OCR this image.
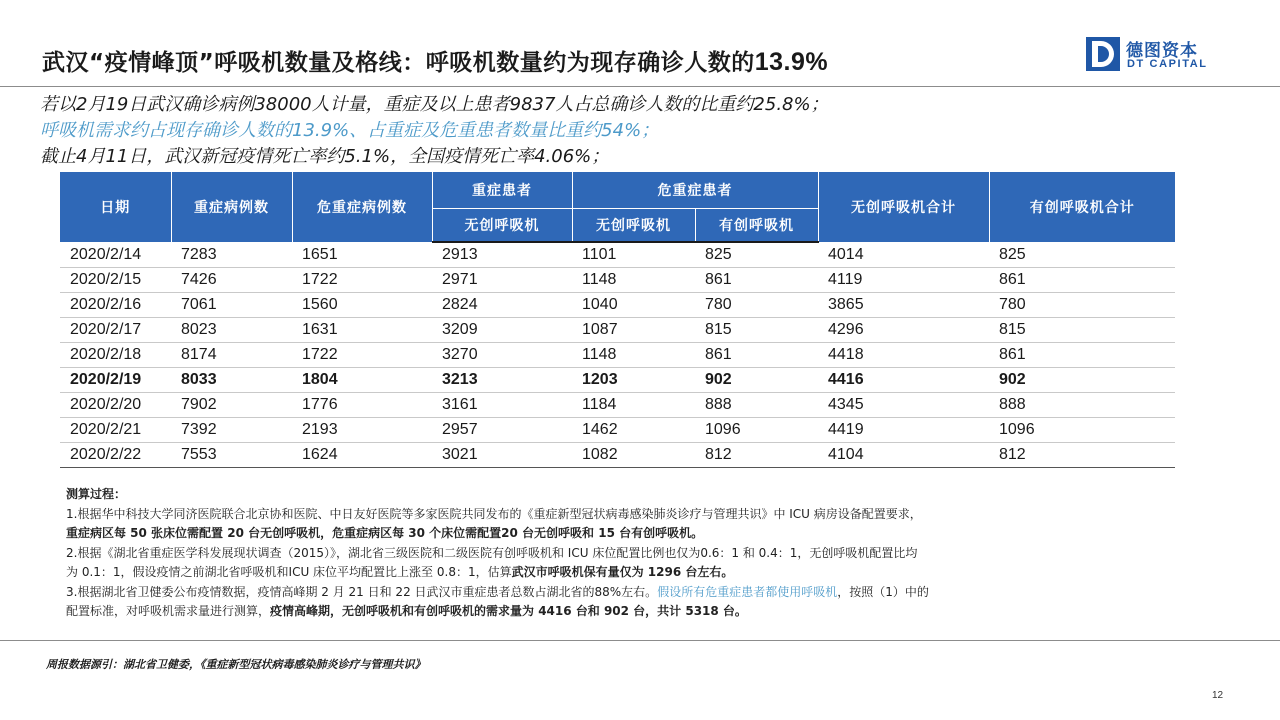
武汉“疫情峰顶”呼吸机数量及格线：呼吸机数量约为现存确诊人数的13.9%	德图资本
DT CAPITAL
若以2月19日武汉确诊病例38000人计量，重症及以上患者9837人占总确诊人数的比重约25.8%；
呼吸机需求约占现存确诊人数的13.9%、占重症及危重患者数量比重约54%；
截止4月11日，武汉新冠疫情死亡率约5.1%，全国疫情死亡率4.06%；
日期	重症病例数	危重症病例数	重症患者	危重症患者		无创呼吸机合计	有创呼吸机合计
			无创呼吸机	无创呼吸机	有创呼吸机		
2020/2/14	7283	1651	2913	1101	825	4014	825
2020/2/15	7426	1722	2971	1148	861	4119	861
2020/2/16	7061	1560	2824	1040	780	3865	780
2020/2/17	8023	1631	3209	1087	815	4296	815
2020/2/18	8174	1722	3270	1148	861	4418	861
2020/2/19	8033	1804	3213	1203	902	4416	902
2020/2/20	7902	1776	3161	1184	888	4345	888
2020/2/21	7392	2193	2957	1462	1096	4419	1096
2020/2/22	7553	1624	3021	1082	812	4104	812
测算过程：
1.根据华中科技大学同济医院联合北京协和医院、中日友好医院等多家医院共同发布的《重症新型冠状病毒感染肺炎诊疗与管理共识》中 ICU 病房设备配置要求，
重症病区每 50 张床位需配置 20 台无创呼吸机，危重症病区每 30 个床位需配置20 台无创呼吸和 15 台有创呼吸机。
2.根据《湖北省重症医学科发展现状调查（2015）》，湖北省三级医院和二级医院有创呼吸机和 ICU 床位配置比例也仅为0.6：1 和 0.4：1，无创呼吸机配置比均
为 0.1：1，假设疫情之前湖北省呼吸机和ICU 床位平均配置比上涨至 0.8：1，估算武汉市呼吸机保有量仅为 1296 台左右。
3.根据湖北省卫健委公布疫情数据，疫情高峰期 2 月 21 日和 22 日武汉市重症患者总数占湖北省的88%左右。假设所有危重症患者都使用呼吸机，按照（1）中的
配置标准，对呼吸机需求量进行测算，疫情高峰期，无创呼吸机和有创呼吸机的需求量为 4416 台和 902 台，共计 5318 台。
周报数据源引：湖北省卫健委，《重症新型冠状病毒感染肺炎诊疗与管理共识》
12
